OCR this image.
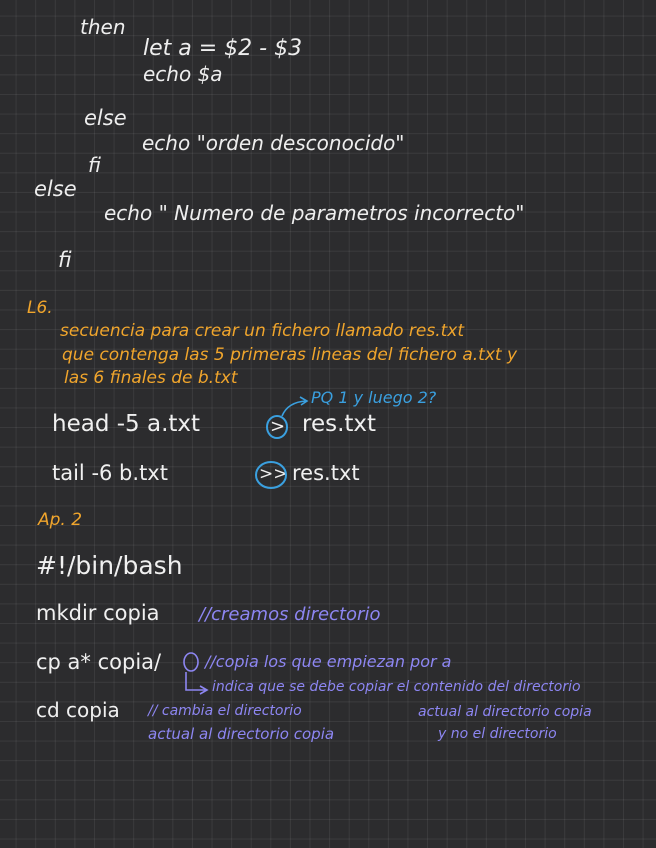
then
let a = $2 - $3
echo $a
else
echo "orden desconocido"
fi
else
echo " Numero de parametros incorrecto"
fi
L6.
secuencia para crear un fichero llamado res.txt
que contenga las 5 primeras lineas del fichero a.txt y
las 6 finales de b.txt
PQ 1 y luego 2?
head -5 a.txt	> res.txt
tail -6 b.txt	>> res.txt
Ap. 2
#!/bin/bash
mkdir copia //creamos directorio
cp a* copia/	//copia los que empiezan por a
indica que se debe copiar el contenido del directorio
cd copia // cambia el directorio
actual al directorio copia
actual al directorio copia
y no el directorio
